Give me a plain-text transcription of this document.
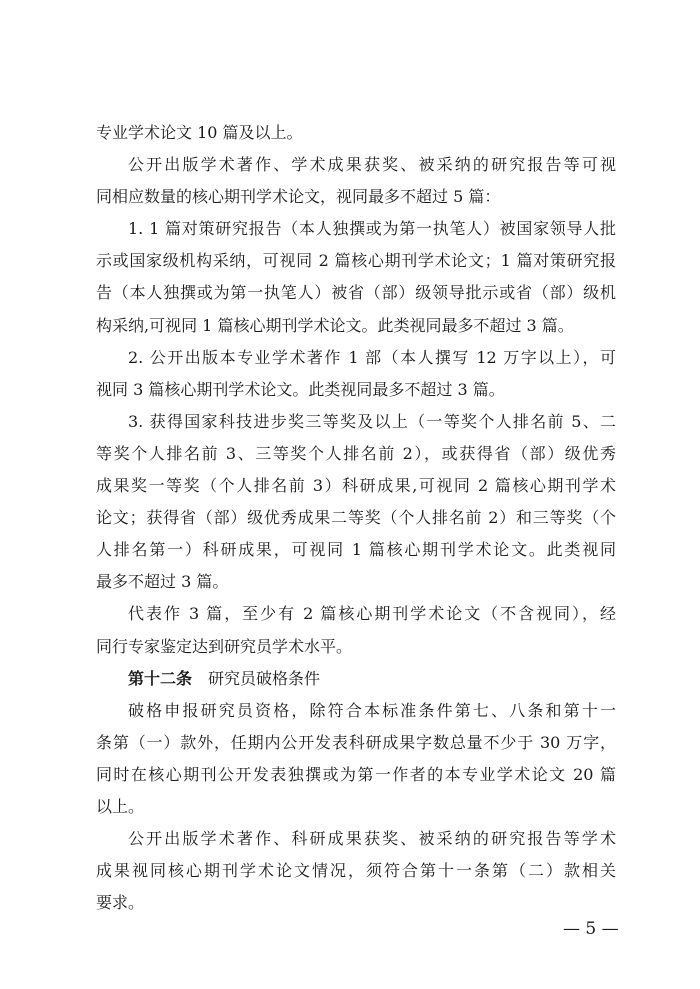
专业学术论文 10 篇及以上。
公开出版学术著作、学术成果获奖、被采纳的研究报告等可视
同相应数量的核心期刊学术论文，视同最多不超过 5 篇：
1. 1 篇对策研究报告（本人独撰或为第一执笔人）被国家领导人批
示或国家级机构采纳，可视同 2 篇核心期刊学术论文；1 篇对策研究报
告（本人独撰或为第一执笔人）被省（部）级领导批示或省（部）级机
构采纳,可视同 1 篇核心期刊学术论文。此类视同最多不超过 3 篇。
2. 公开出版本专业学术著作 1 部（本人撰写 12 万字以上），可
视同 3 篇核心期刊学术论文。此类视同最多不超过 3 篇。
3. 获得国家科技进步奖三等奖及以上（一等奖个人排名前 5、二
等奖个人排名前 3、三等奖个人排名前 2），或获得省（部）级优秀
成果奖一等奖（个人排名前 3）科研成果,可视同 2 篇核心期刊学术
论文；获得省（部）级优秀成果二等奖（个人排名前 2）和三等奖（个
人排名第一）科研成果，可视同 1 篇核心期刊学术论文。此类视同
最多不超过 3 篇。
代表作 3 篇，至少有 2 篇核心期刊学术论文（不含视同），经
同行专家鉴定达到研究员学术水平。
第十二条 研究员破格条件
破格申报研究员资格，除符合本标准条件第七、八条和第十一
条第（一）款外，任期内公开发表科研成果字数总量不少于 30 万字，
同时在核心期刊公开发表独撰或为第一作者的本专业学术论文 20 篇
以上。
公开出版学术著作、科研成果获奖、被采纳的研究报告等学术
成果视同核心期刊学术论文情况，须符合第十一条第（二）款相关
要求。
— 5 —
